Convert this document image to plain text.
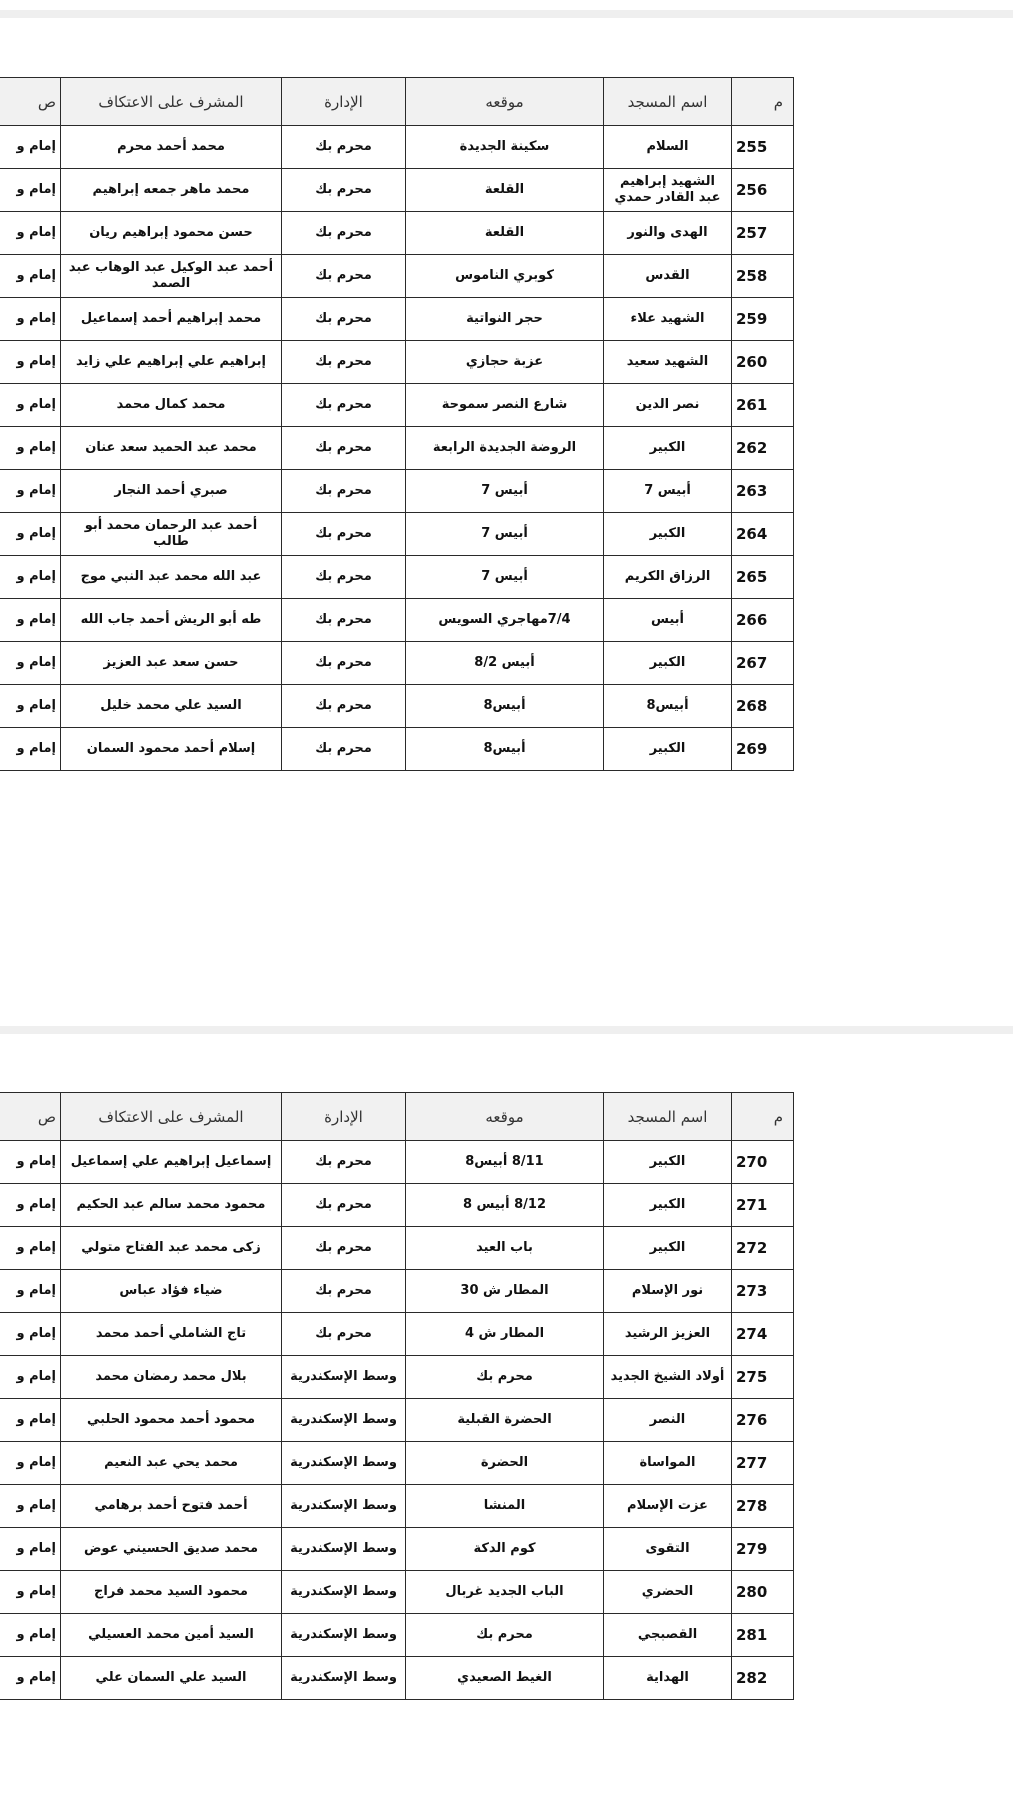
م	اسم المسجد	موقعه	الإدارة	المشرف على الاعتكاف	ص
255	السلام	سكينة الجديدة	محرم بك	محمد أحمد محرم	إمام و
256	الشهيد إبراهيم عبد القادر حمدي	القلعة	محرم بك	محمد ماهر جمعه إبراهيم	إمام و
257	الهدى والنور	القلعة	محرم بك	حسن محمود إبراهيم ريان	إمام و
258	القدس	كوبري الناموس	محرم بك	أحمد عبد الوكيل عبد الوهاب عبد الصمد	إمام و
259	الشهيد علاء	حجر النواتية	محرم بك	محمد إبراهيم أحمد إسماعيل	إمام و
260	الشهيد سعيد	عزبة حجازي	محرم بك	إبراهيم علي إبراهيم علي زايد	إمام و
261	نصر الدين	شارع النصر سموحة	محرم بك	محمد كمال محمد	إمام و
262	الكبير	الروضة الجديدة الرابعة	محرم بك	محمد عبد الحميد سعد عنان	إمام و
263	أبيس 7	أبيس 7	محرم بك	صبري أحمد النجار	إمام و
264	الكبير	أبيس 7	محرم بك	أحمد عبد الرحمان محمد أبو طالب	إمام و
265	الرزاق الكريم	أبيس 7	محرم بك	عبد الله محمد عبد النبي موج	إمام و
266	أبيس	7/4مهاجري السويس	محرم بك	طه أبو الريش أحمد جاب الله	إمام و
267	الكبير	أبيس 8/2	محرم بك	حسن سعد عبد العزيز	إمام و
268	أبيس8	أبيس8	محرم بك	السيد علي محمد خليل	إمام و
269	الكبير	أبيس8	محرم بك	إسلام أحمد محمود السمان	إمام و
م	اسم المسجد	موقعه	الإدارة	المشرف على الاعتكاف	ص
270	الكبير	8/11 أبيس8	محرم بك	إسماعيل إبراهيم علي إسماعيل	إمام و
271	الكبير	8/12 أبيس 8	محرم بك	محمود محمد سالم عبد الحكيم	إمام و
272	الكبير	باب العيد	محرم بك	زكى محمد عبد الفتاح متولي	إمام و
273	نور الإسلام	المطار ش 30	محرم بك	ضياء فؤاد عباس	إمام و
274	العزيز الرشيد	المطار ش 4	محرم بك	تاج الشاملي أحمد محمد	إمام و
275	أولاد الشيخ الجديد	محرم بك	وسط الإسكندرية	بلال محمد رمضان محمد	إمام و
276	النصر	الحضرة القبلية	وسط الإسكندرية	محمود أحمد محمود الحلبي	إمام و
277	المواساة	الحضرة	وسط الإسكندرية	محمد يحي عبد النعيم	إمام و
278	عزت الإسلام	المنشا	وسط الإسكندرية	أحمد فتوح أحمد برهامي	إمام و
279	التقوى	كوم الدكة	وسط الإسكندرية	محمد صديق الحسيني عوض	إمام و
280	الحضري	الباب الجديد غربال	وسط الإسكندرية	محمود السيد محمد فراج	إمام و
281	القصبجي	محرم بك	وسط الإسكندرية	السيد أمين محمد العسيلي	إمام و
282	الهداية	الغيط الصعيدي	وسط الإسكندرية	السيد علي السمان علي	إمام و
